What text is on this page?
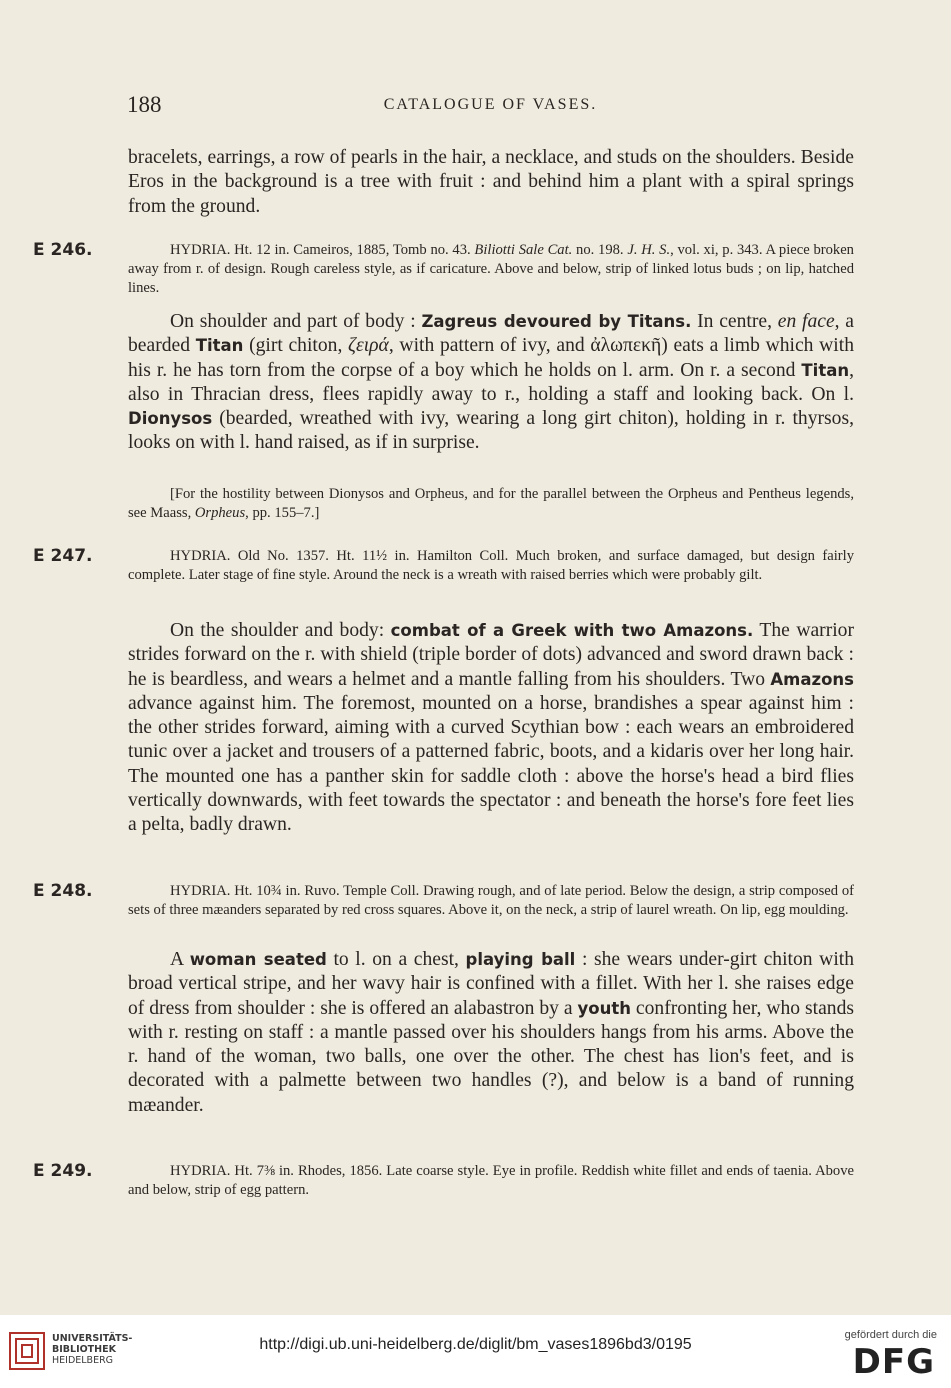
188	CATALOGUE OF VASES.
bracelets, earrings, a row of pearls in the hair, a necklace, and studs on the shoulders. Beside Eros in the background is a tree with fruit : and behind him a plant with a spiral springs from the ground.
E 246.	HYDRIA. Ht. 12 in. Cameiros, 1885, Tomb no. 43. Biliotti Sale Cat. no. 198. J. H. S., vol. xi, p. 343. A piece broken away from r. of design. Rough careless style, as if caricature. Above and below, strip of linked lotus buds ; on lip, hatched lines.
On shoulder and part of body : Zagreus devoured by Titans. In centre, en face, a bearded Titan (girt chiton, ζειρά, with pattern of ivy, and ἀλωπεκῆ) eats a limb which with his r. he has torn from the corpse of a boy which he holds on l. arm. On r. a second Titan, also in Thracian dress, flees rapidly away to r., holding a staff and looking back. On l. Dionysos (bearded, wreathed with ivy, wearing a long girt chiton), holding in r. thyrsos, looks on with l. hand raised, as if in surprise.
[For the hostility between Dionysos and Orpheus, and for the parallel between the Orpheus and Pentheus legends, see Maass, Orpheus, pp. 155–7.]
E 247.	HYDRIA. Old No. 1357. Ht. 11½ in. Hamilton Coll. Much broken, and surface damaged, but design fairly complete. Later stage of fine style. Around the neck is a wreath with raised berries which were probably gilt.
On the shoulder and body: combat of a Greek with two Amazons. The warrior strides forward on the r. with shield (triple border of dots) advanced and sword drawn back : he is beardless, and wears a helmet and a mantle falling from his shoulders. Two Amazons advance against him. The foremost, mounted on a horse, brandishes a spear against him : the other strides forward, aiming with a curved Scythian bow : each wears an embroidered tunic over a jacket and trousers of a patterned fabric, boots, and a kidaris over her long hair. The mounted one has a panther skin for saddle cloth : above the horse's head a bird flies vertically downwards, with feet towards the spectator : and beneath the horse's fore feet lies a pelta, badly drawn.
E 248.	HYDRIA. Ht. 10¾ in. Ruvo. Temple Coll. Drawing rough, and of late period. Below the design, a strip composed of sets of three mæanders separated by red cross squares. Above it, on the neck, a strip of laurel wreath. On lip, egg moulding.
A woman seated to l. on a chest, playing ball : she wears under-girt chiton with broad vertical stripe, and her wavy hair is confined with a fillet. With her l. she raises edge of dress from shoulder : she is offered an alabastron by a youth confronting her, who stands with r. resting on staff : a mantle passed over his shoulders hangs from his arms. Above the r. hand of the woman, two balls, one over the other. The chest has lion's feet, and is decorated with a palmette between two handles (?), and below is a band of running mæander.
E 249.	HYDRIA. Ht. 7⅜ in. Rhodes, 1856. Late coarse style. Eye in profile. Reddish white fillet and ends of taenia. Above and below, strip of egg pattern.
UNIVERSITÄTS-
BIBLIOTHEK
HEIDELBERG
http://digi.ub.uni-heidelberg.de/diglit/bm_vases1896bd3/0195
gefördert durch die
DFG
